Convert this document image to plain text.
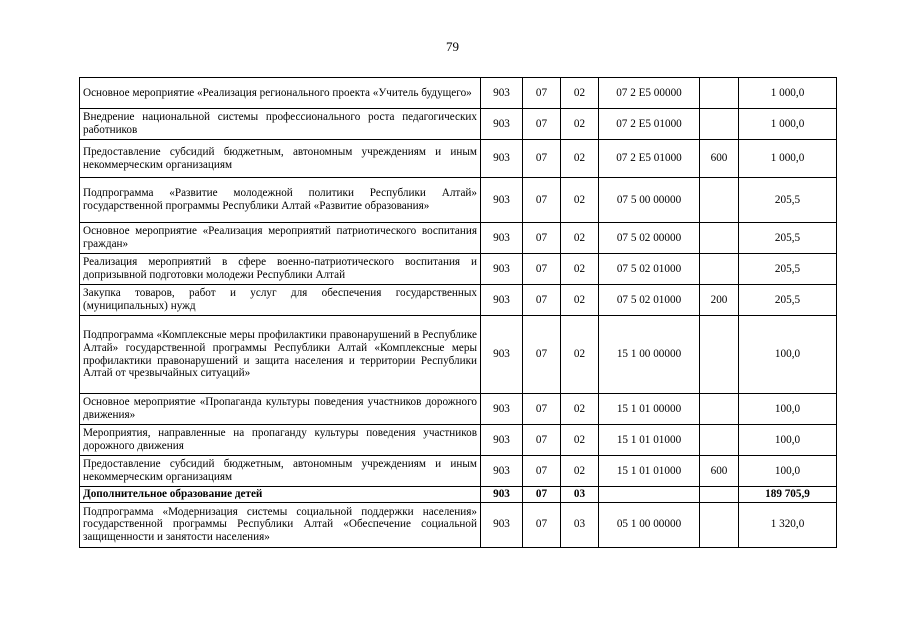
79
Основное мероприятие «Реализация регионального проекта «Учитель будущего»	903	07	02	07 2 E5 00000		1 000,0
Внедрение национальной системы профессионального роста педагогических работников	903	07	02	07 2 E5 01000		1 000,0
Предоставление субсидий бюджетным, автономным учреждениям и иным некоммерческим организациям	903	07	02	07 2 E5 01000	600	1 000,0
Подпрограмма «Развитие молодежной политики Республики Алтай» государственной программы Республики Алтай «Развитие образования»	903	07	02	07 5 00 00000		205,5
Основное мероприятие «Реализация мероприятий патриотического воспитания граждан»	903	07	02	07 5 02 00000		205,5
Реализация мероприятий в сфере военно-патриотического воспитания и допризывной подготовки молодежи Республики Алтай	903	07	02	07 5 02 01000		205,5
Закупка товаров, работ и услуг для обеспечения государственных (муниципальных) нужд	903	07	02	07 5 02 01000	200	205,5
Подпрограмма «Комплексные меры профилактики правонарушений в Республике Алтай» государственной программы Республики Алтай «Комплексные меры профилактики правонарушений и защита населения и территории Республики Алтай от чрезвычайных ситуаций»	903	07	02	15 1 00 00000		100,0
Основное мероприятие «Пропаганда культуры поведения участников дорожного движения»	903	07	02	15 1 01 00000		100,0
Мероприятия, направленные на пропаганду культуры поведения участников дорожного движения	903	07	02	15 1 01 01000		100,0
Предоставление субсидий бюджетным, автономным учреждениям и иным некоммерческим организациям	903	07	02	15 1 01 01000	600	100,0
Дополнительное образование детей	903	07	03			189 705,9
Подпрограмма «Модернизация системы социальной поддержки населения» государственной программы Республики Алтай «Обеспечение социальной защищенности и занятости населения»	903	07	03	05 1 00 00000		1 320,0
